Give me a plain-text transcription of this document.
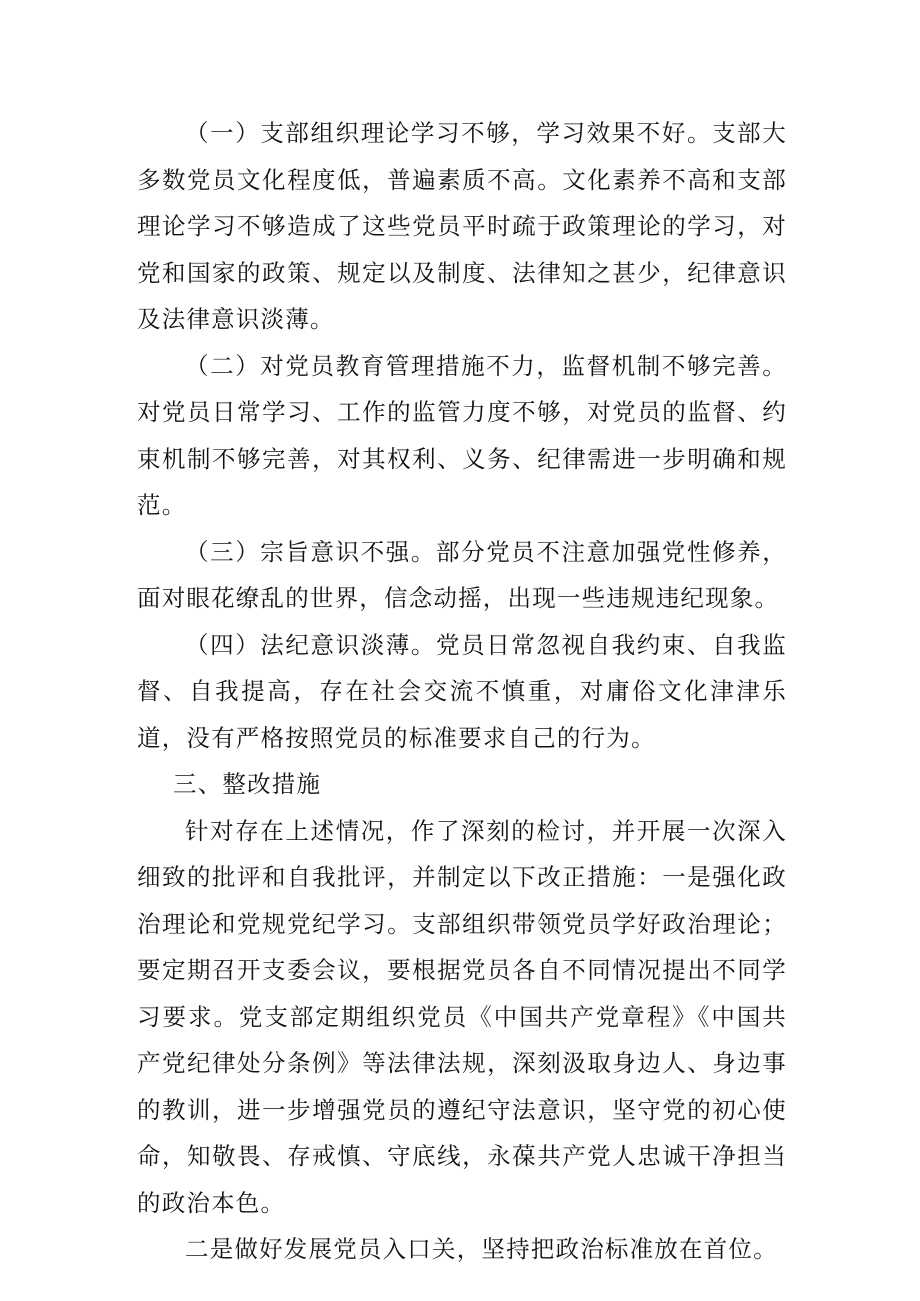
（一）支部组织理论学习不够，学习效果不好。支部大多数党员文化程度低，普遍素质不高。文化素养不高和支部理论学习不够造成了这些党员平时疏于政策理论的学习，对党和国家的政策、规定以及制度、法律知之甚少，纪律意识及法律意识淡薄。

（二）对党员教育管理措施不力，监督机制不够完善。对党员日常学习、工作的监管力度不够，对党员的监督、约束机制不够完善，对其权利、义务、纪律需进一步明确和规范。

（三）宗旨意识不强。部分党员不注意加强党性修养，面对眼花缭乱的世界，信念动摇，出现一些违规违纪现象。

（四）法纪意识淡薄。党员日常忽视自我约束、自我监督、自我提高，存在社会交流不慎重，对庸俗文化津津乐道，没有严格按照党员的标准要求自己的行为。

三、整改措施

针对存在上述情况，作了深刻的检讨，并开展一次深入细致的批评和自我批评，并制定以下改正措施：一是强化政治理论和党规党纪学习。支部组织带领党员学好政治理论；要定期召开支委会议，要根据党员各自不同情况提出不同学习要求。党支部定期组织党员《中国共产党章程》《中国共产党纪律处分条例》等法律法规，深刻汲取身边人、身边事的教训，进一步增强党员的遵纪守法意识，坚守党的初心使命，知敬畏、存戒慎、守底线，永葆共产党人忠诚干净担当的政治本色。

二是做好发展党员入口关，坚持把政治标准放在首位。
